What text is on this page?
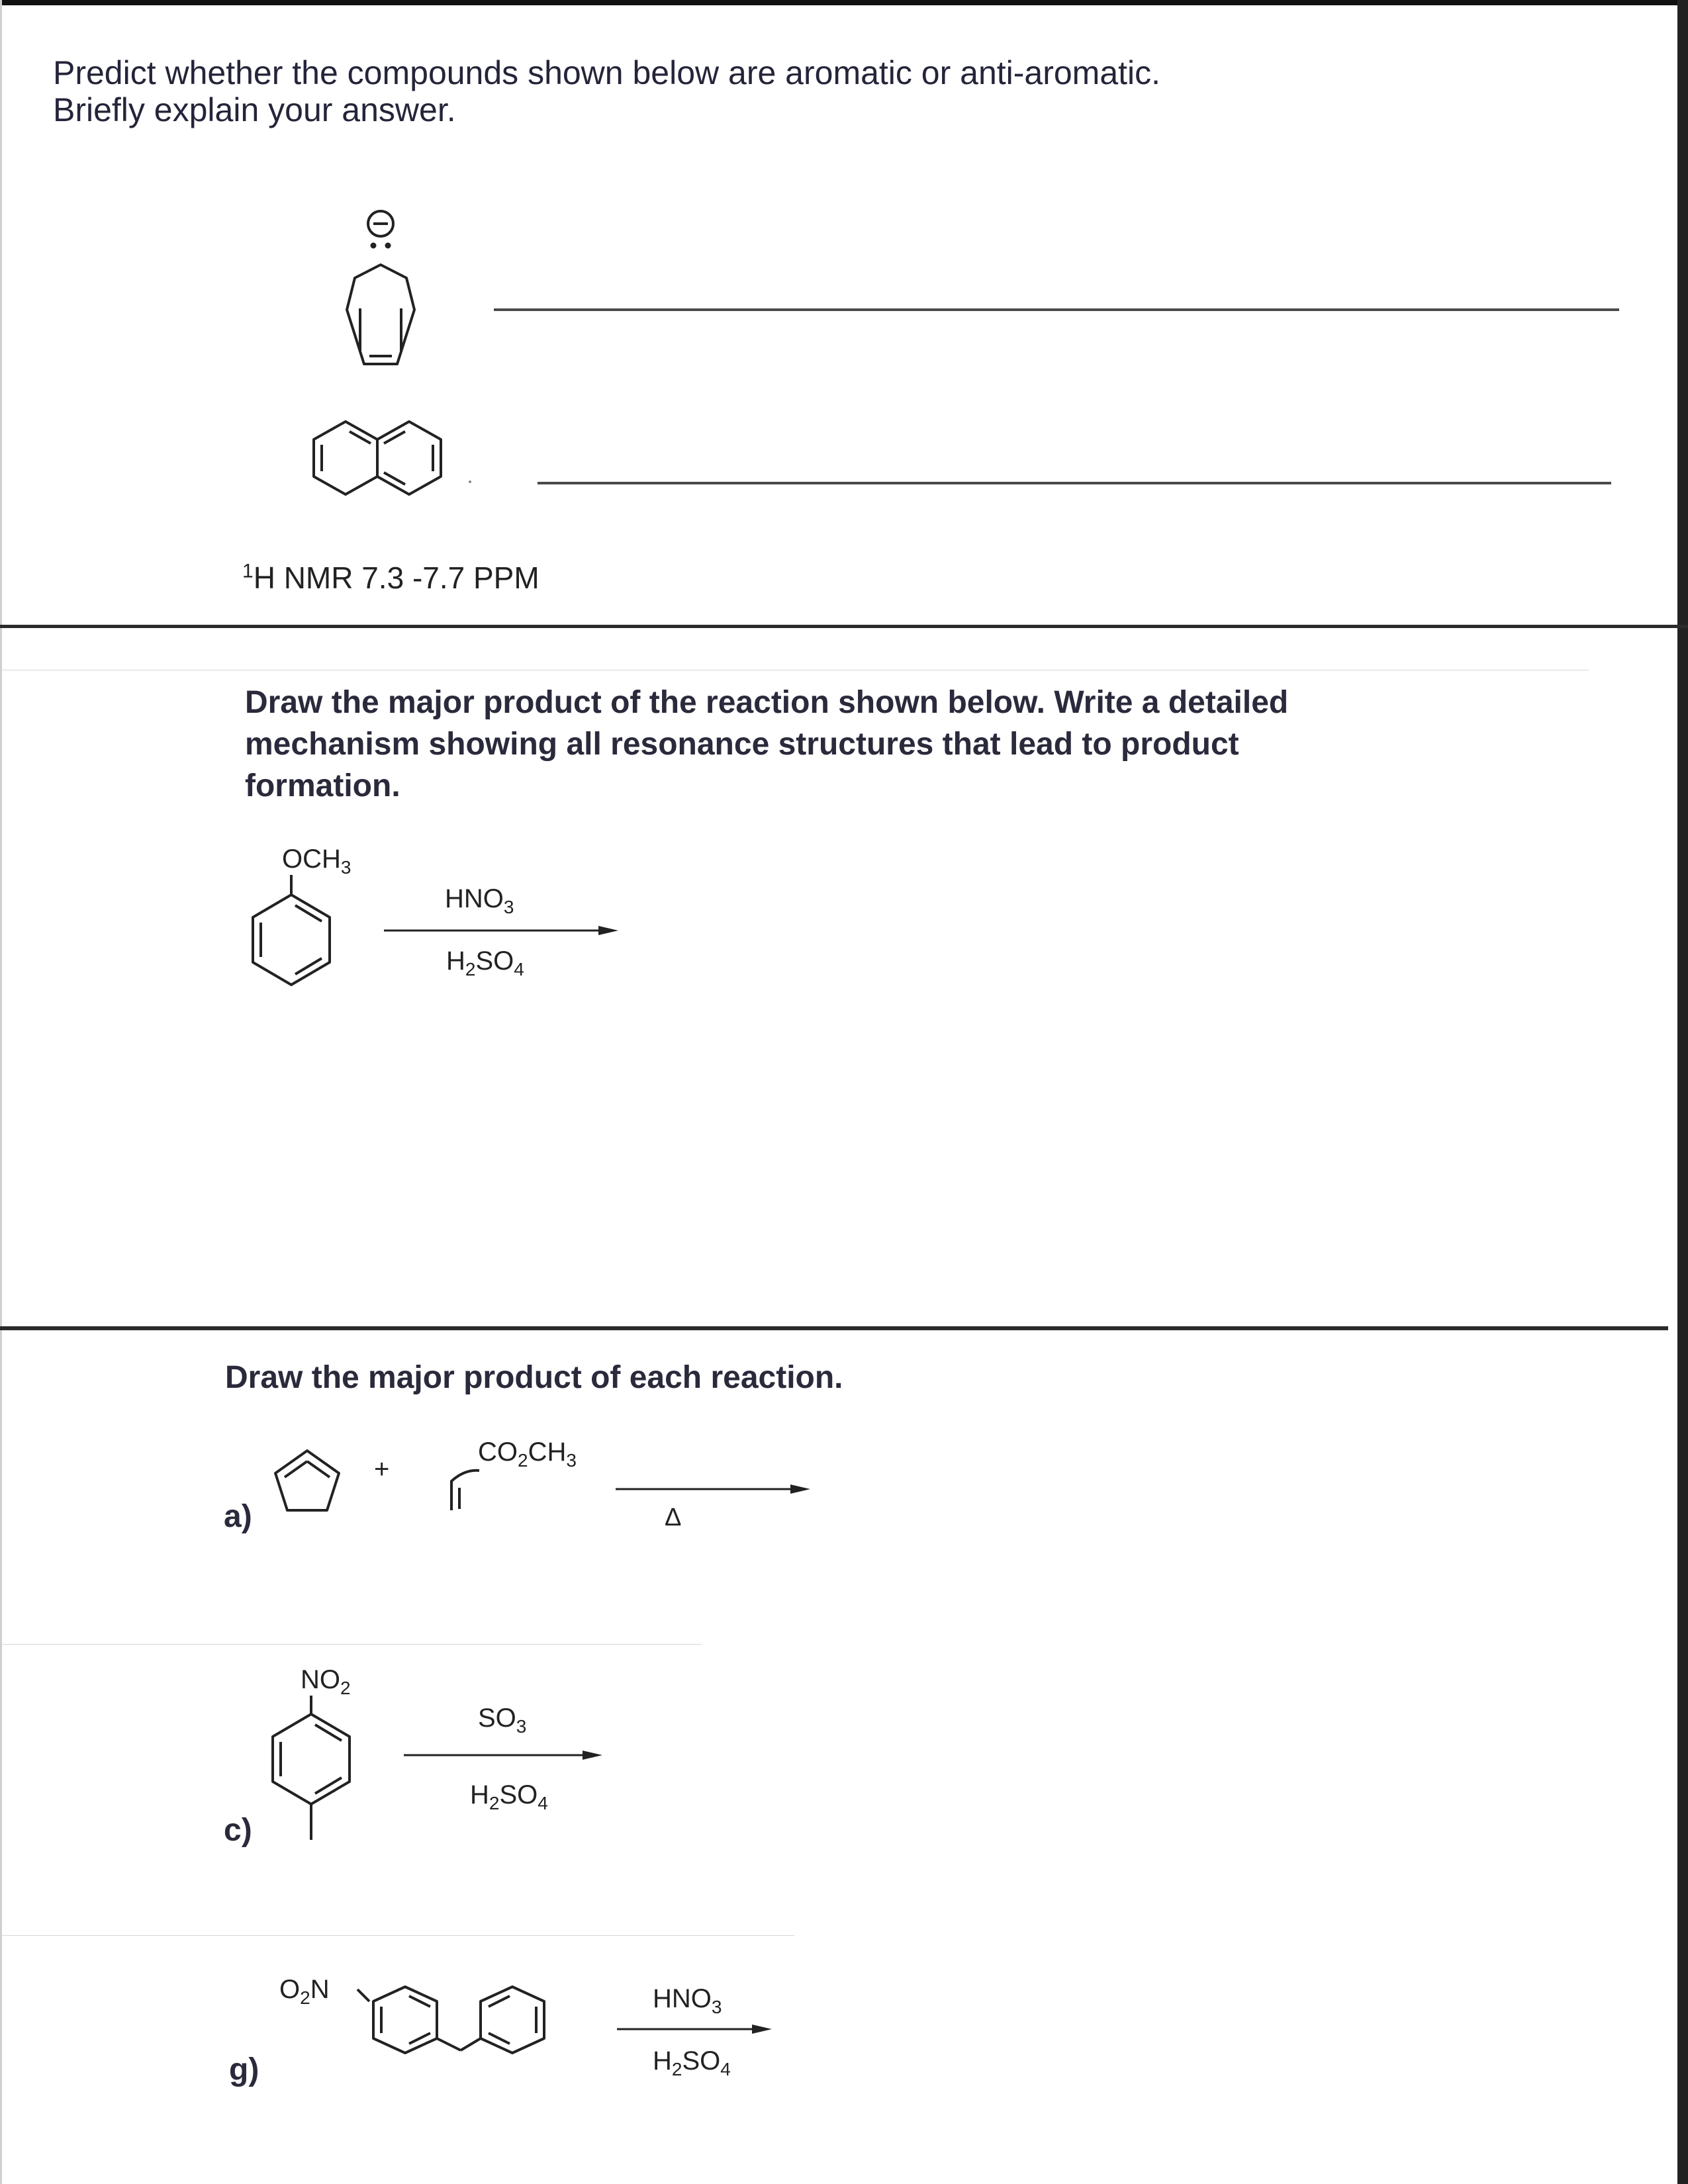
Predict whether the compounds shown below are aromatic or anti-aromatic.
Briefly explain your answer.
$^1$H NMR 7.3 -7.7 PPM
Draw the major product of the reaction shown below. Write a detailed
mechanism showing all resonance structures that lead to product
formation.
$OCH_3$
$HNO_3$
$H_2SO_4$
Draw the major product of each reaction.
a)
+
$CO_2CH_3$
Δ
c)
$NO_2$
$SO_3$
$H_2SO_4$
g)
$O_2N$	$HNO_3$
$H_2SO_4$
